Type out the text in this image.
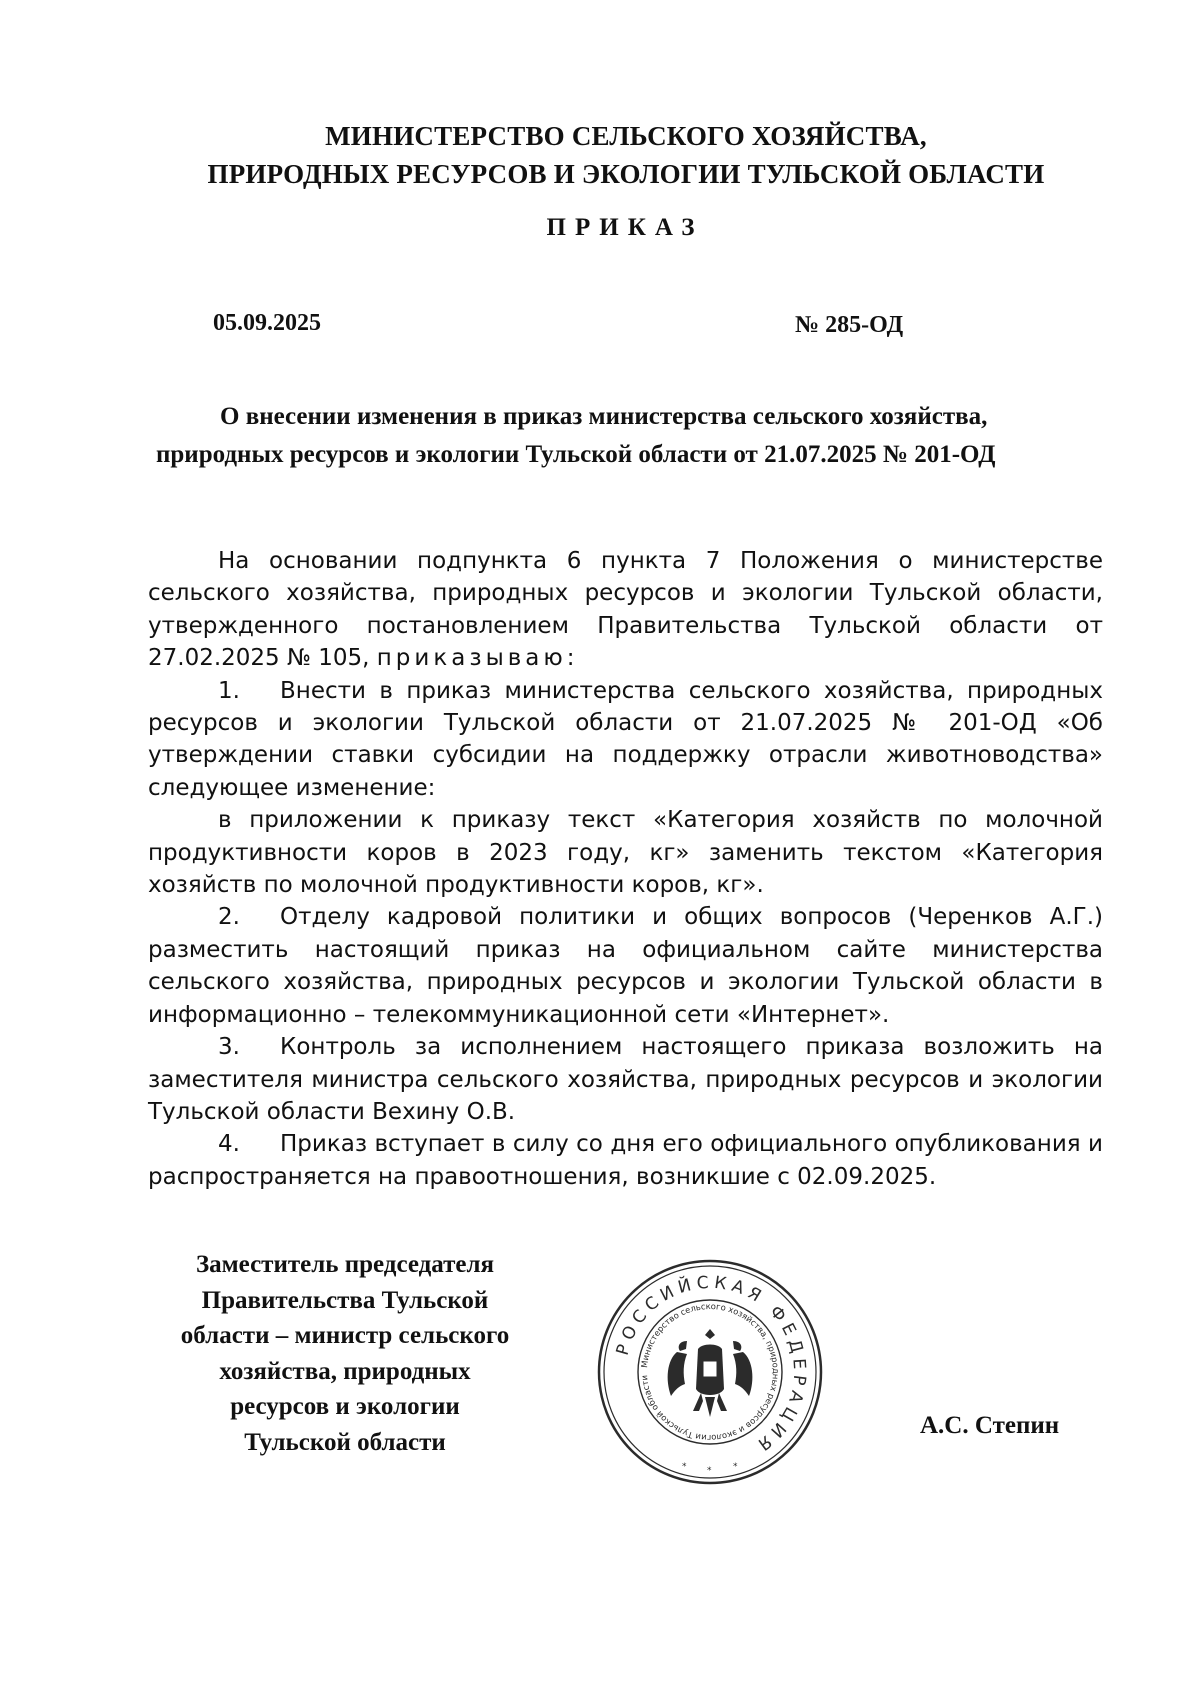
МИНИСТЕРСТВО СЕЛЬСКОГО ХОЗЯЙСТВА,
ПРИРОДНЫХ РЕСУРСОВ И ЭКОЛОГИИ ТУЛЬСКОЙ ОБЛАСТИ
ПРИКАЗ
05.09.2025	№ 285-ОД
О внесении изменения в приказ министерства сельского хозяйства,
природных ресурсов и экологии Тульской области от 21.07.2025 № 201-ОД

На основании подпункта 6 пункта 7 Положения о министерстве сельского хозяйства, природных ресурсов и экологии Тульской области, утвержденного постановлением Правительства Тульской области от 27.02.2025 № 105, приказываю:

1. Внести в приказ министерства сельского хозяйства, природных ресурсов и экологии Тульской области от 21.07.2025 № 201-ОД «Об утверждении ставки субсидии на поддержку отрасли животноводства» следующее изменение:

в приложении к приказу текст «Категория хозяйств по молочной продуктивности коров в 2023 году, кг» заменить текстом «Категория хозяйств по молочной продуктивности коров, кг».

2. Отделу кадровой политики и общих вопросов (Черенков А.Г.) разместить настоящий приказ на официальном сайте министерства сельского хозяйства, природных ресурсов и экологии Тульской области в информационно – телекоммуникационной сети «Интернет».

3. Контроль за исполнением настоящего приказа возложить на заместителя министра сельского хозяйства, природных ресурсов и экологии Тульской области Вехину О.В.

4. Приказ вступает в силу со дня его официального опубликования и распространяется на правоотношения, возникшие с 02.09.2025.

Заместитель председателя
Правительства Тульской
области – министр сельского
хозяйства, природных
ресурсов и экологии
Тульской области
РОССИЙСКАЯ ФЕДЕРАЦИЯ
Министерство сельского хозяйства, природных ресурсов и экологии Тульской области
* * *
А.С. Степин
